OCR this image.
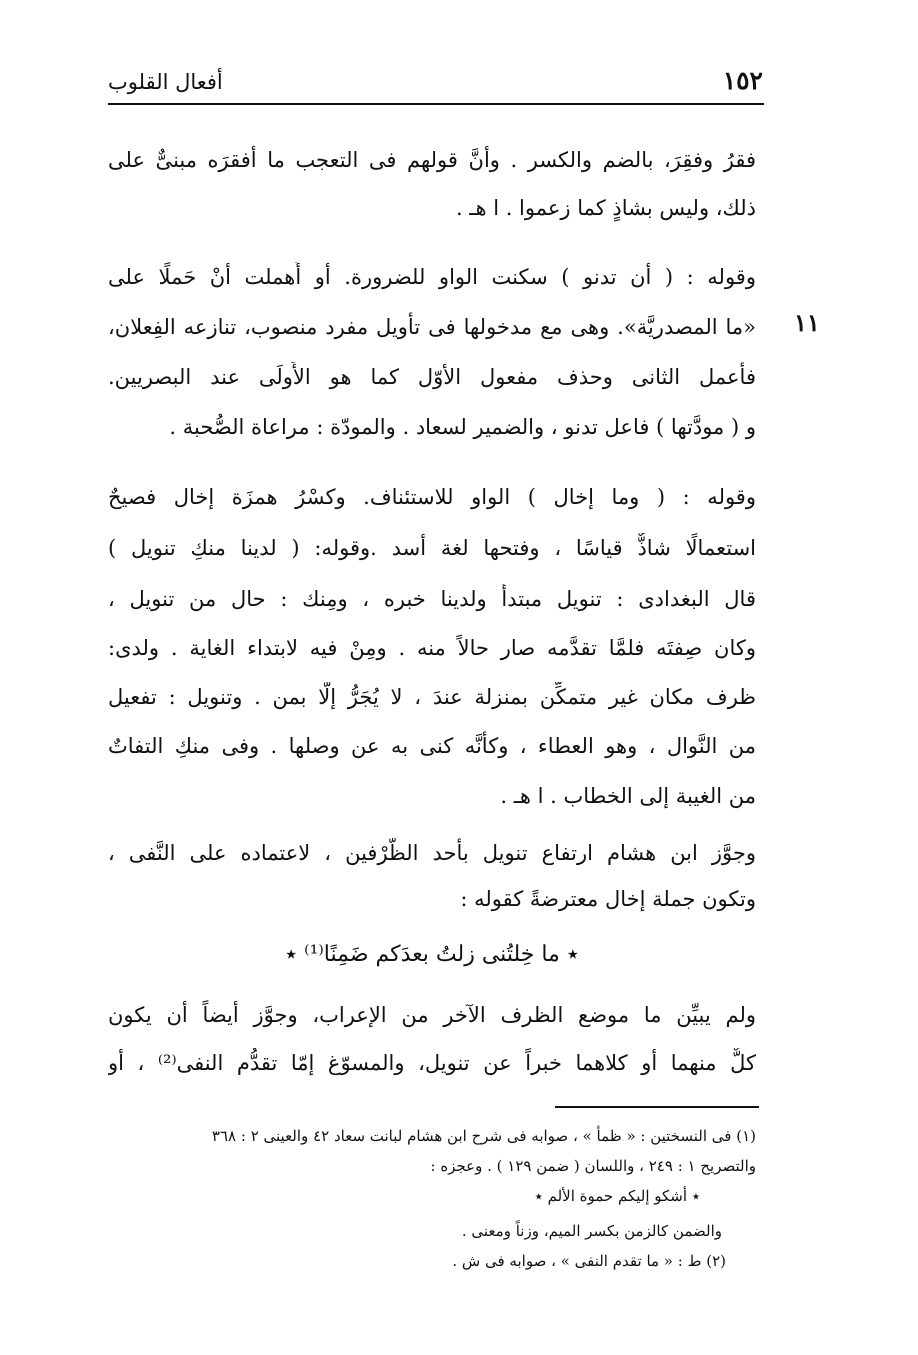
١٥٢
أفعال القلوب
١١
فقرُ وفقِرَ، بالضم والكسر . وأنَّ قولهم فى التعجب ما أفقرَه مبنىٌّ على
ذلك، وليس بشاذٍ كما زعموا . ا هـ .
وقوله : ( أن تدنو ) سكنت الواو للضرورة. أو أُهملت أنْ حَملًا على
«ما المصدريَّة». وهى مع مدخولها فى تأْويل مفرد منصوب، تنازعه الفِعلان،
فأُعمل الثانى وحذف مفعول الأوّل كما هو الأَولَى عند البصريين.
و ( مودَّتها ) فاعل تدنو ، والضمير لسعاد . والمودّة : مراعاة الصُّحبة .
وقوله : ( وما إخال ) الواو للاستئناف. وكسْرُ همزَة إخال فصيحٌ
استعمالًا شاذٌّ قياسًا ، وفتحها لغة أسد .وقوله: ( لدينا منكِ تنويل )
قال البغدادى : تنويل مبتدأٌ ولدينا خبره ، ومِنك : حال من تنويل ،
وكان صِفتَه فلمَّا تقدَّمه صار حالاً منه . ومِنْ فيه لابتداء الغاية . ولدى:
ظرف مكان غير متمكِّن بمنزلة عندَ ، لا يُجَرُّ إلّا بمن . وتنويل : تفعيل
من النَّوال ، وهو العطاء ، وكأنَّه كنى به عن وصلها . وفى منكِ التفاتٌ
من الغيبة إلى الخطاب . ا هـ .
وجوَّز ابن هشام ارتفاع تنويل بأَحد الظَّرْفين ، لاعتماده على النَّفى ،
وتكون جملة إخال معترضةً كقوله :
٭ ما خِلتُنى زلتُ بعدَكم ضَمِنًا⁽¹⁾ ٭
ولم يبيِّن ما موضع الظرف الآخر من الإعراب، وجوَّز أيضاً أن يكون
كلٌّ منهما أو كلاهما خبراً عن تنويل، والمسوّغ إمّا تقدُّم النفى⁽²⁾ ، أو
(١) فى النسختين : « ظمأ » ، صوابه فى شرح ابن هشام لبانت سعاد ٤٢ والعينى ٢ : ٣٦٨
والتصريح ١ : ٢٤٩ ، واللسان ( ضمن ١٢٩ ) . وعجزه :
٭ أشكو إليكم حموة الألم ٭
والضمن كالزمن بكسر الميم، وزناً ومعنى .
(٢) ط : « ما تقدم النفى » ، صوابه فى ش .
